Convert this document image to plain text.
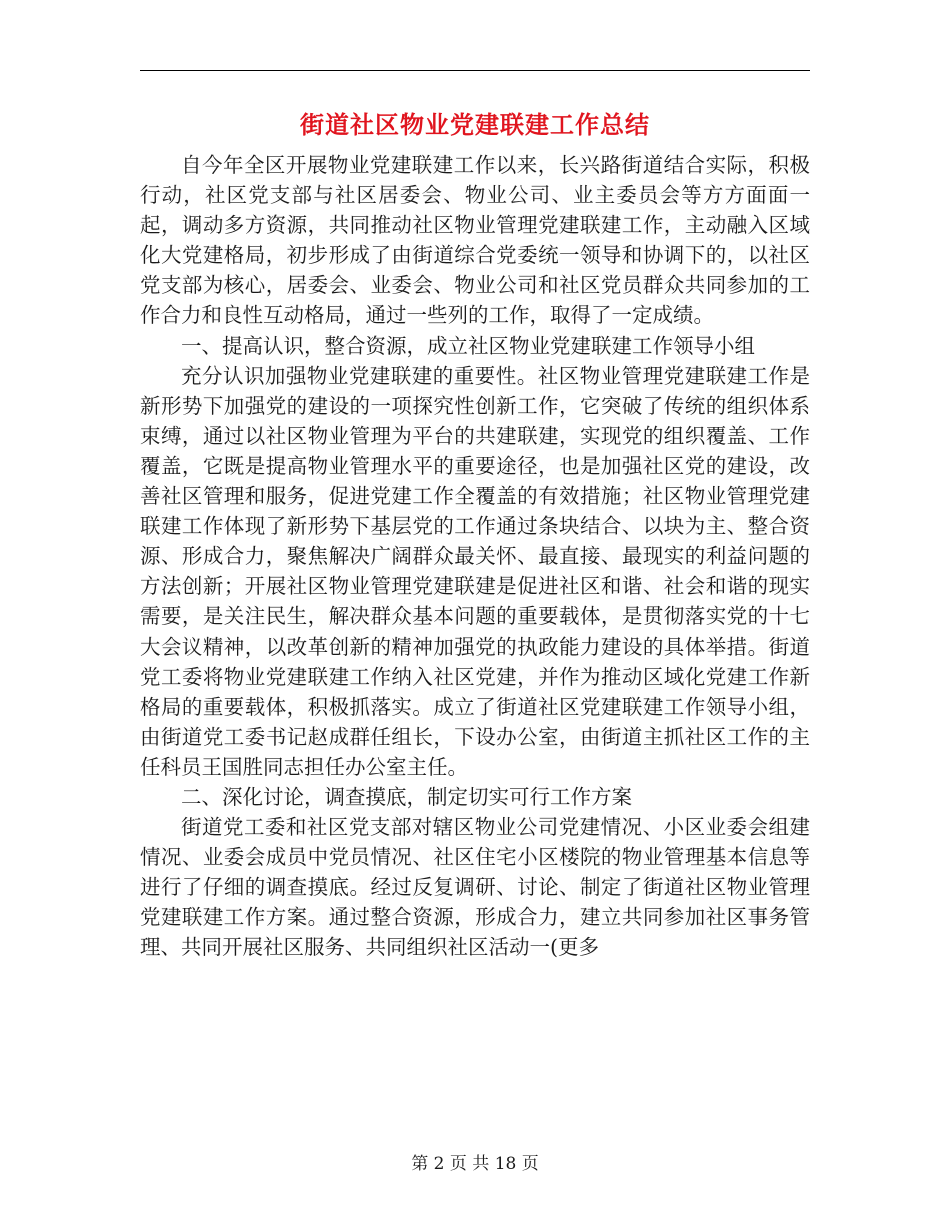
街道社区物业党建联建工作总结

自今年全区开展物业党建联建工作以来，长兴路街道结合实际，积极行动，社区党支部与社区居委会、物业公司、业主委员会等方方面面一起，调动多方资源，共同推动社区物业管理党建联建工作，主动融入区域化大党建格局，初步形成了由街道综合党委统一领导和协调下的，以社区党支部为核心，居委会、业委会、物业公司和社区党员群众共同参加的工作合力和良性互动格局，通过一些列的工作，取得了一定成绩。

一、提高认识，整合资源，成立社区物业党建联建工作领导小组

充分认识加强物业党建联建的重要性。社区物业管理党建联建工作是新形势下加强党的建设的一项探究性创新工作，它突破了传统的组织体系束缚，通过以社区物业管理为平台的共建联建，实现党的组织覆盖、工作覆盖，它既是提高物业管理水平的重要途径，也是加强社区党的建设，改善社区管理和服务，促进党建工作全覆盖的有效措施；社区物业管理党建联建工作体现了新形势下基层党的工作通过条块结合、以块为主、整合资源、形成合力，聚焦解决广阔群众最关怀、最直接、最现实的利益问题的方法创新；开展社区物业管理党建联建是促进社区和谐、社会和谐的现实需要，是关注民生，解决群众基本问题的重要载体，是贯彻落实党的十七大会议精神，以改革创新的精神加强党的执政能力建设的具体举措。街道党工委将物业党建联建工作纳入社区党建，并作为推动区域化党建工作新格局的重要载体，积极抓落实。成立了街道社区党建联建工作领导小组，由街道党工委书记赵成群任组长，下设办公室，由街道主抓社区工作的主任科员王国胜同志担任办公室主任。

二、深化讨论，调查摸底，制定切实可行工作方案

街道党工委和社区党支部对辖区物业公司党建情况、小区业委会组建情况、业委会成员中党员情况、社区住宅小区楼院的物业管理基本信息等进行了仔细的调查摸底。经过反复调研、讨论、制定了街道社区物业管理党建联建工作方案。通过整合资源，形成合力，建立共同参加社区事务管理、共同开展社区服务、共同组织社区活动一(更多

第 2 页 共 18 页
